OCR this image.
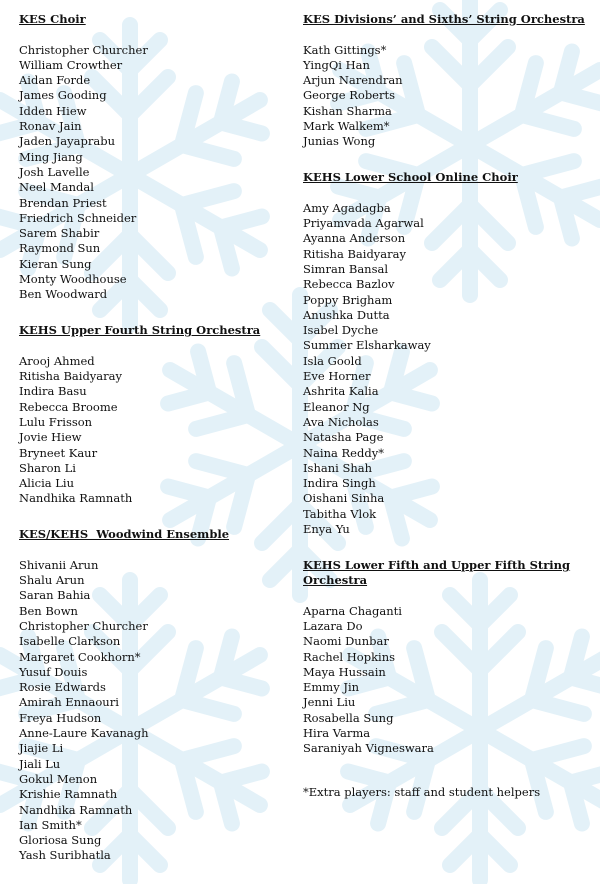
KES Choir
Christopher Churcher
William Crowther
Aidan Forde
James Gooding
Idden Hiew
Ronav Jain
Jaden Jayaprabu
Ming Jiang
Josh Lavelle
Neel Mandal
Brendan Priest
Friedrich Schneider
Sarem Shabir
Raymond Sun
Kieran Sung
Monty Woodhouse
Ben Woodward
KEHS Upper Fourth String Orchestra
Arooj Ahmed
Ritisha Baidyaray
Indira Basu
Rebecca Broome
Lulu Frisson
Jovie Hiew
Bryneet Kaur
Sharon Li
Alicia Liu
Nandhika Ramnath
KES/KEHS  Woodwind Ensemble
Shivanii Arun
Shalu Arun
Saran Bahia
Ben Bown
Christopher Churcher
Isabelle Clarkson
Margaret Cookhorn*
Yusuf Douis
Rosie Edwards
Amirah Ennaouri
Freya Hudson
Anne-Laure Kavanagh
Jiajie Li
Jiali Lu
Gokul Menon
Krishie Ramnath
Nandhika Ramnath
Ian Smith*
Gloriosa Sung
Yash Suribhatla
KES Divisions’ and Sixths’ String Orchestra
Kath Gittings*
YingQi Han
Arjun Narendran
George Roberts
Kishan Sharma
Mark Walkem*
Junias Wong
KEHS Lower School Online Choir
Amy Agadagba
Priyamvada Agarwal
Ayanna Anderson
Ritisha Baidyaray
Simran Bansal
Rebecca Bazlov
Poppy Brigham
Anushka Dutta
Isabel Dyche
Summer Elsharkaway
Isla Goold
Eve Horner
Ashrita Kalia
Eleanor Ng
Ava Nicholas
Natasha Page
Naina Reddy*
Ishani Shah
Indira Singh
Oishani Sinha
Tabitha Vlok
Enya Yu
KEHS Lower Fifth and Upper Fifth String
Orchestra
Aparna Chaganti
Lazara Do
Naomi Dunbar
Rachel Hopkins
Maya Hussain
Emmy Jin
Jenni Liu
Rosabella Sung
Hira Varma
Saraniyah Vigneswara
*Extra players: staff and student helpers
